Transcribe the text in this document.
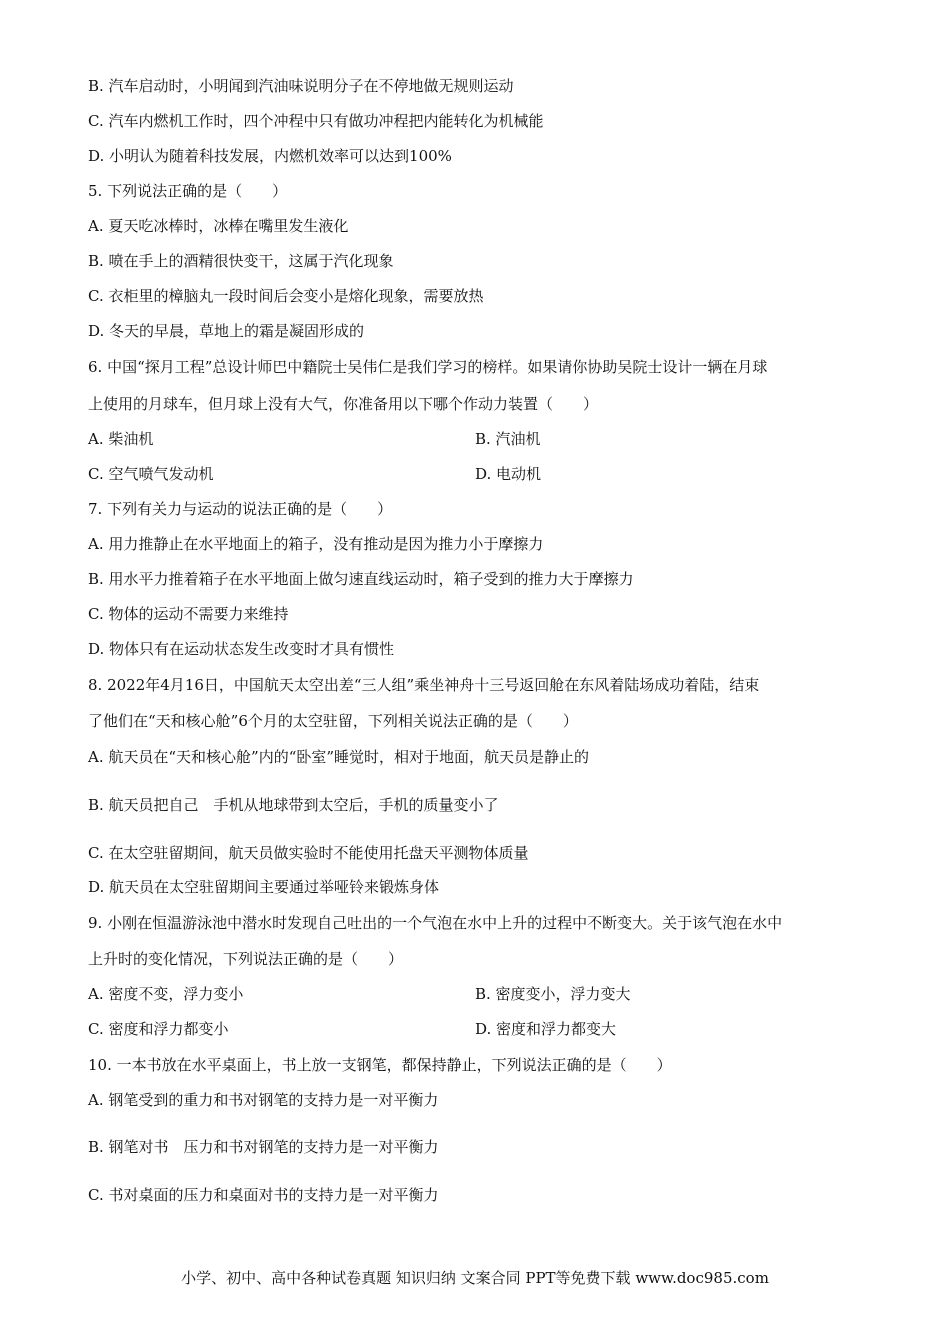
B. 汽车启动时，小明闻到汽油味说明分子在不停地做无规则运动
C. 汽车内燃机工作时，四个冲程中只有做功冲程把内能转化为机械能
D. 小明认为随着科技发展，内燃机效率可以达到100%
5. 下列说法正确的是（　　）
A. 夏天吃冰棒时，冰棒在嘴里发生液化
B. 喷在手上的酒精很快变干，这属于汽化现象
C. 衣柜里的樟脑丸一段时间后会变小是熔化现象，需要放热
D. 冬天的早晨，草地上的霜是凝固形成的
6. 中国“探月工程”总设计师巴中籍院士吴伟仁是我们学习的榜样。如果请你协助吴院士设计一辆在月球
上使用的月球车，但月球上没有大气，你准备用以下哪个作动力装置（　　）
A. 柴油机	B. 汽油机
C. 空气喷气发动机	D. 电动机
7. 下列有关力与运动的说法正确的是（　　）
A. 用力推静止在水平地面上的箱子，没有推动是因为推力小于摩擦力
B. 用水平力推着箱子在水平地面上做匀速直线运动时，箱子受到的推力大于摩擦力
C. 物体的运动不需要力来维持
D. 物体只有在运动状态发生改变时才具有惯性
8. 2022年4月16日，中国航天太空出差“三人组”乘坐神舟十三号返回舱在东风着陆场成功着陆，结束
了他们在“天和核心舱”6个月的太空驻留，下列相关说法正确的是（　　）
A. 航天员在“天和核心舱”内的“卧室”睡觉时，相对于地面，航天员是静止的
B. 航天员把自己　手机从地球带到太空后，手机的质量变小了
C. 在太空驻留期间，航天员做实验时不能使用托盘天平测物体质量
D. 航天员在太空驻留期间主要通过举哑铃来锻炼身体
9. 小刚在恒温游泳池中潜水时发现自己吐出的一个气泡在水中上升的过程中不断变大。关于该气泡在水中
上升时的变化情况，下列说法正确的是（　　）
A. 密度不变，浮力变小	B. 密度变小，浮力变大
C. 密度和浮力都变小	D. 密度和浮力都变大
10. 一本书放在水平桌面上，书上放一支钢笔，都保持静止，下列说法正确的是（　　）
A. 钢笔受到的重力和书对钢笔的支持力是一对平衡力
B. 钢笔对书　压力和书对钢笔的支持力是一对平衡力
C. 书对桌面的压力和桌面对书的支持力是一对平衡力
小学、初中、高中各种试卷真题 知识归纳 文案合同 PPT等免费下载 www.doc985.com
